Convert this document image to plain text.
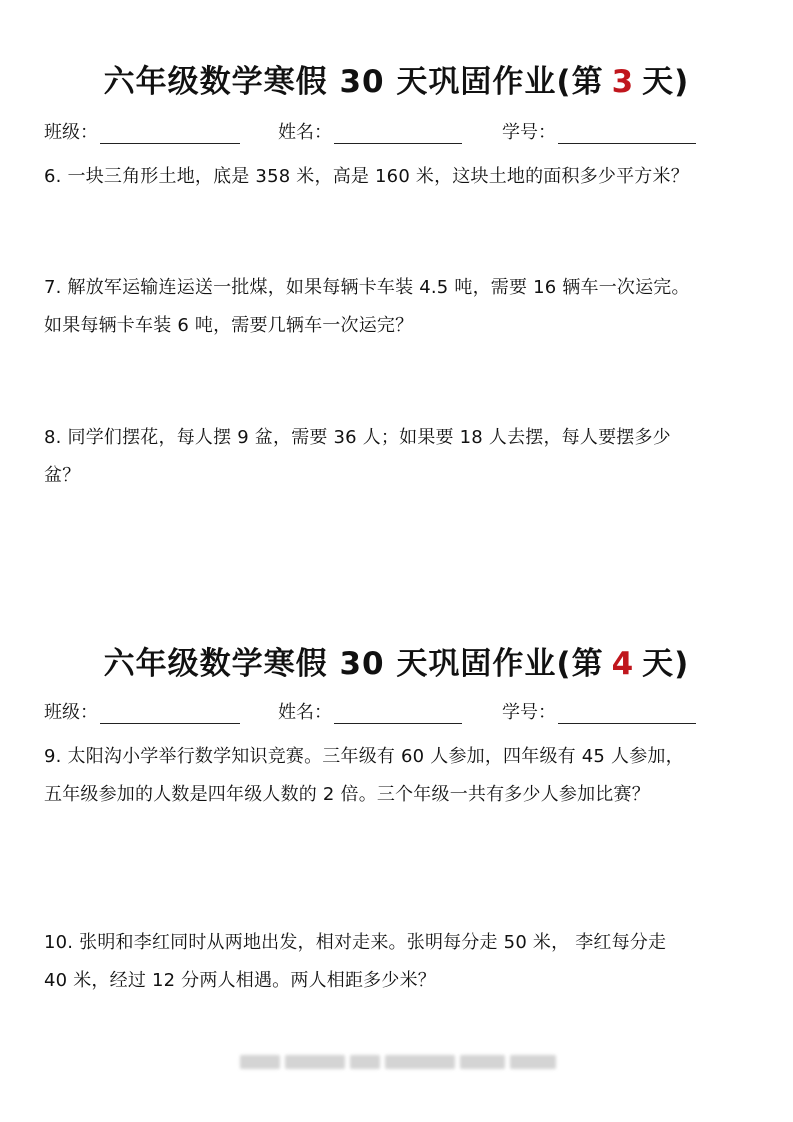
六年级数学寒假 30 天巩固作业(第 3 天)
班级：	姓名：	学号：
6. 一块三角形土地，底是 358 米，高是 160 米，这块土地的面积多少平方米？
7. 解放军运输连运送一批煤，如果每辆卡车装 4.5 吨，需要 16 辆车一次运完。
如果每辆卡车装 6 吨，需要几辆车一次运完？
8. 同学们摆花，每人摆 9 盆，需要 36 人；如果要 18 人去摆，每人要摆多少
盆？
六年级数学寒假 30 天巩固作业(第 4 天)
班级：	姓名：	学号：
9. 太阳沟小学举行数学知识竞赛。三年级有 60 人参加，四年级有 45 人参加，
五年级参加的人数是四年级人数的 2 倍。三个年级一共有多少人参加比赛？
10. 张明和李红同时从两地出发，相对走来。张明每分走 50 米， 李红每分走
40 米，经过 12 分两人相遇。两人相距多少米？
